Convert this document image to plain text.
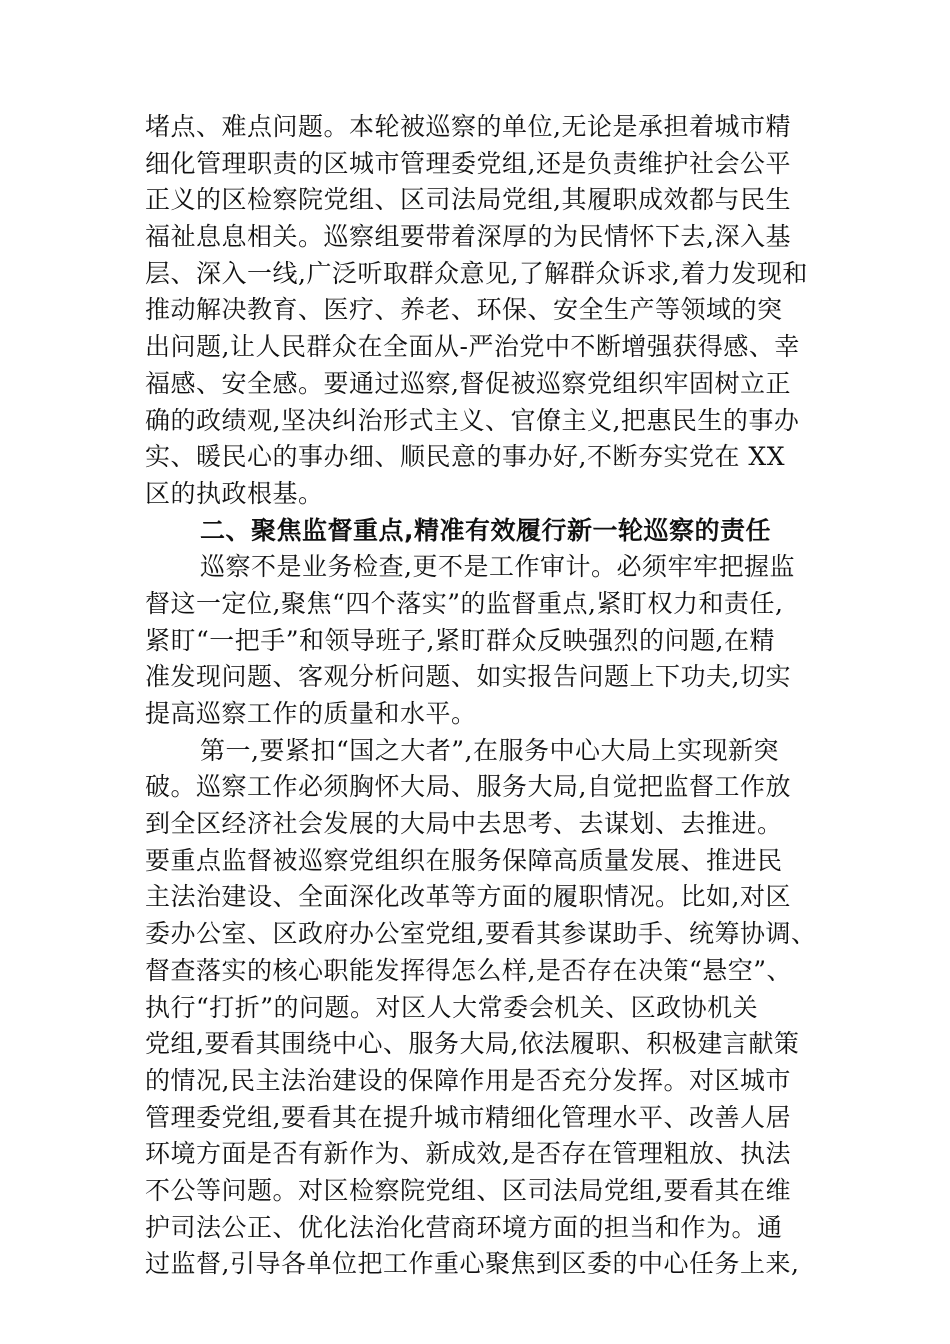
堵点、难点问题。本轮被巡察的单位,无论是承担着城市精
细化管理职责的区城市管理委党组,还是负责维护社会公平
正义的区检察院党组、区司法局党组,其履职成效都与民生
福祉息息相关。巡察组要带着深厚的为民情怀下去,深入基
层、深入一线,广泛听取群众意见,了解群众诉求,着力发现和
推动解决教育、医疗、养老、环保、安全生产等领域的突
出问题,让人民群众在全面从-严治党中不断增强获得感、幸
福感、安全感。要通过巡察,督促被巡察党组织牢固树立正
确的政绩观,坚决纠治形式主义、官僚主义,把惠民生的事办
实、暖民心的事办细、顺民意的事办好,不断夯实党在 XX
区的执政根基。
二、聚焦监督重点,精准有效履行新一轮巡察的责任
巡察不是业务检查,更不是工作审计。必须牢牢把握监
督这一定位,聚焦“四个落实”的监督重点,紧盯权力和责任,
紧盯“一把手”和领导班子,紧盯群众反映强烈的问题,在精
准发现问题、客观分析问题、如实报告问题上下功夫,切实
提高巡察工作的质量和水平。
第一,要紧扣“国之大者”,在服务中心大局上实现新突
破。巡察工作必须胸怀大局、服务大局,自觉把监督工作放
到全区经济社会发展的大局中去思考、去谋划、去推进。
要重点监督被巡察党组织在服务保障高质量发展、推进民
主法治建设、全面深化改革等方面的履职情况。比如,对区
委办公室、区政府办公室党组,要看其参谋助手、统筹协调、
督查落实的核心职能发挥得怎么样,是否存在决策“悬空”、
执行“打折”的问题。对区人大常委会机关、区政协机关
党组,要看其围绕中心、服务大局,依法履职、积极建言献策
的情况,民主法治建设的保障作用是否充分发挥。对区城市
管理委党组,要看其在提升城市精细化管理水平、改善人居
环境方面是否有新作为、新成效,是否存在管理粗放、执法
不公等问题。对区检察院党组、区司法局党组,要看其在维
护司法公正、优化法治化营商环境方面的担当和作为。通
过监督,引导各单位把工作重心聚焦到区委的中心任务上来,
